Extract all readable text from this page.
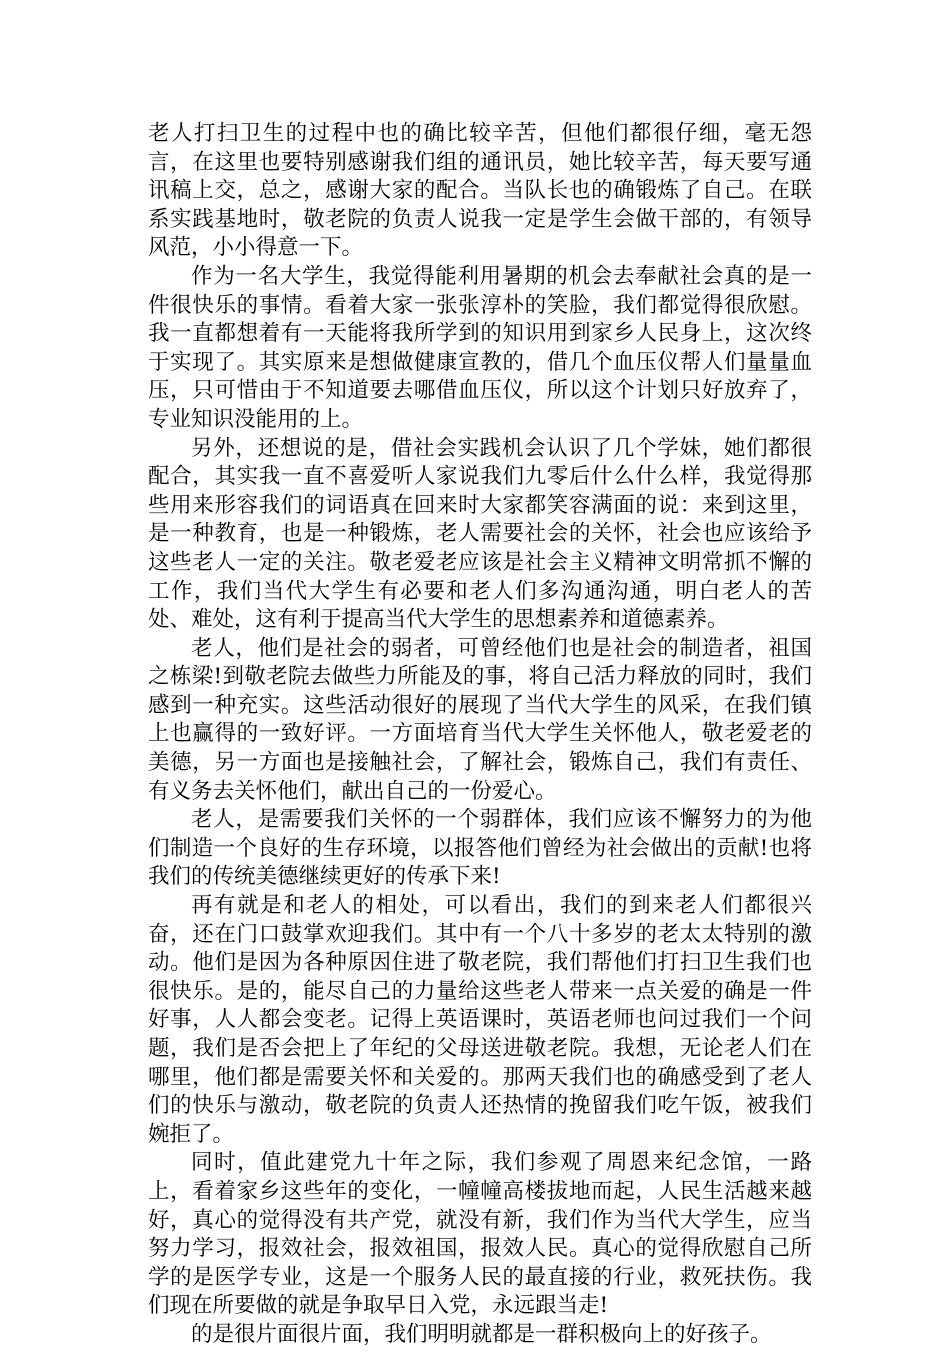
老人打扫卫生的过程中也的确比较辛苦，但他们都很仔细，毫无怨言，在这里也要特别感谢我们组的通讯员，她比较辛苦，每天要写通讯稿上交，总之，感谢大家的配合。当队长也的确锻炼了自己。在联系实践基地时，敬老院的负责人说我一定是学生会做干部的，有领导风范，小小得意一下。

作为一名大学生，我觉得能利用暑期的机会去奉献社会真的是一件很快乐的事情。看着大家一张张淳朴的笑脸，我们都觉得很欣慰。我一直都想着有一天能将我所学到的知识用到家乡人民身上，这次终于实现了。其实原来是想做健康宣教的，借几个血压仪帮人们量量血压，只可惜由于不知道要去哪借血压仪，所以这个计划只好放弃了，专业知识没能用的上。

另外，还想说的是，借社会实践机会认识了几个学妹，她们都很配合，其实我一直不喜爱听人家说我们九零后什么什么样，我觉得那些用来形容我们的词语真在回来时大家都笑容满面的说：来到这里，是一种教育，也是一种锻炼，老人需要社会的关怀，社会也应该给予这些老人一定的关注。敬老爱老应该是社会主义精神文明常抓不懈的工作，我们当代大学生有必要和老人们多沟通沟通，明白老人的苦处、难处，这有利于提高当代大学生的思想素养和道德素养。

老人，他们是社会的弱者，可曾经他们也是社会的制造者，祖国之栋梁!到敬老院去做些力所能及的事，将自己活力释放的同时，我们感到一种充实。这些活动很好的展现了当代大学生的风采，在我们镇上也赢得的一致好评。一方面培育当代大学生关怀他人，敬老爱老的美德，另一方面也是接触社会，了解社会，锻炼自己，我们有责任、有义务去关怀他们，献出自己的一份爱心。

老人，是需要我们关怀的一个弱群体，我们应该不懈努力的为他们制造一个良好的生存环境，以报答他们曾经为社会做出的贡献!也将我们的传统美德继续更好的传承下来!

再有就是和老人的相处，可以看出，我们的到来老人们都很兴奋，还在门口鼓掌欢迎我们。其中有一个八十多岁的老太太特别的激动。他们是因为各种原因住进了敬老院，我们帮他们打扫卫生我们也很快乐。是的，能尽自己的力量给这些老人带来一点关爱的确是一件好事，人人都会变老。记得上英语课时，英语老师也问过我们一个问题，我们是否会把上了年纪的父母送进敬老院。我想，无论老人们在哪里，他们都是需要关怀和关爱的。那两天我们也的确感受到了老人们的快乐与激动，敬老院的负责人还热情的挽留我们吃午饭，被我们婉拒了。

同时，值此建党九十年之际，我们参观了周恩来纪念馆，一路上，看着家乡这些年的变化，一幢幢高楼拔地而起，人民生活越来越好，真心的觉得没有共产党，就没有新，我们作为当代大学生，应当努力学习，报效社会，报效祖国，报效人民。真心的觉得欣慰自己所学的是医学专业，这是一个服务人民的最直接的行业，救死扶伤。我们现在所要做的就是争取早日入党，永远跟当走!

的是很片面很片面，我们明明就都是一群积极向上的好孩子。
